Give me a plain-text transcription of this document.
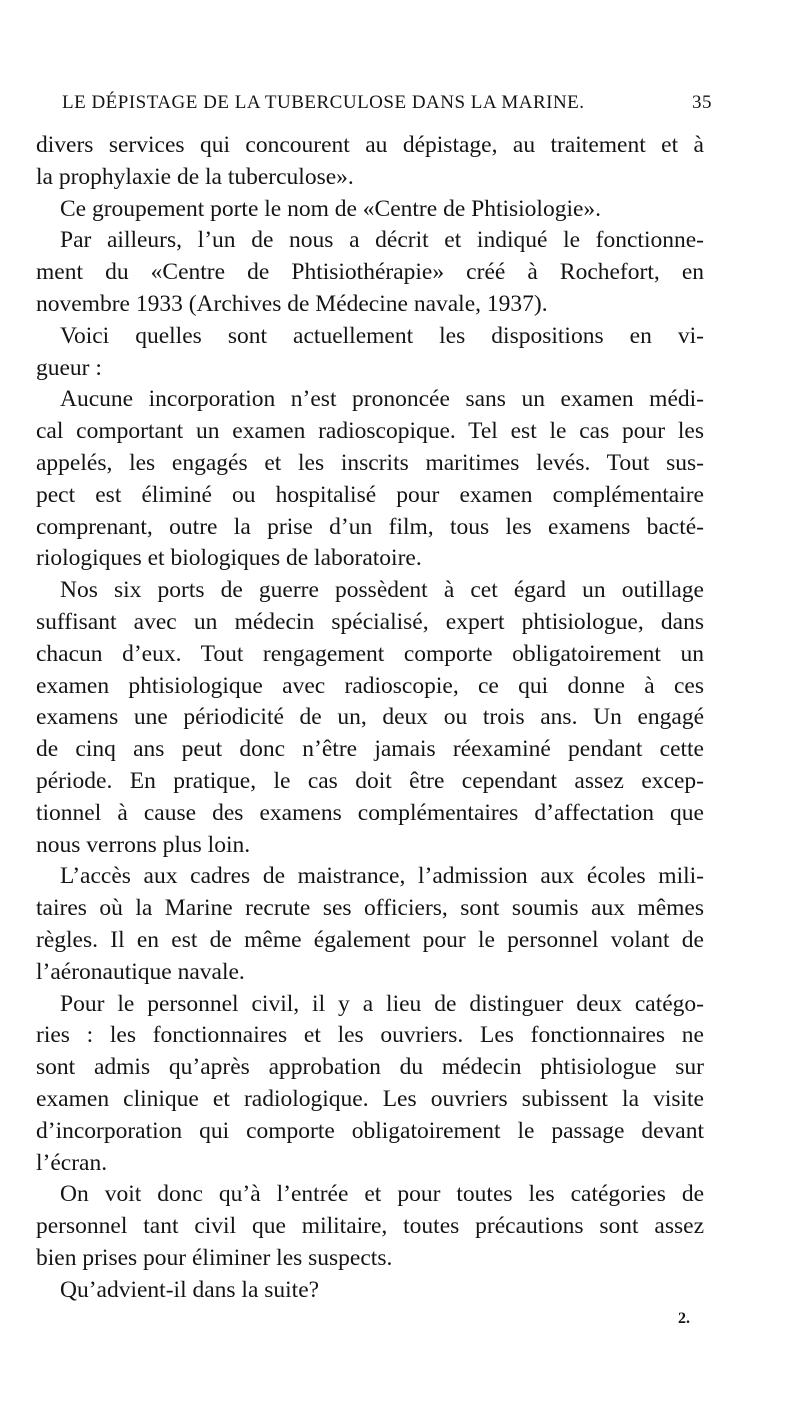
LE DÉPISTAGE DE LA TUBERCULOSE DANS LA MARINE.	35
divers services qui concourent au dépistage, au traitement et à
la prophylaxie de la tuberculose».
Ce groupement porte le nom de «Centre de Phtisiologie».
Par ailleurs, l’un de nous a décrit et indiqué le fonctionne-
ment du «Centre de Phtisiothérapie» créé à Rochefort, en
novembre 1933 (Archives de Médecine navale, 1937).
Voici quelles sont actuellement les dispositions en vi-
gueur :
Aucune incorporation n’est prononcée sans un examen médi-
cal comportant un examen radioscopique. Tel est le cas pour les
appelés, les engagés et les inscrits maritimes levés. Tout sus-
pect est éliminé ou hospitalisé pour examen complémentaire
comprenant, outre la prise d’un film, tous les examens bacté-
riologiques et biologiques de laboratoire.
Nos six ports de guerre possèdent à cet égard un outillage
suffisant avec un médecin spécialisé, expert phtisiologue, dans
chacun d’eux. Tout rengagement comporte obligatoirement un
examen phtisiologique avec radioscopie, ce qui donne à ces
examens une périodicité de un, deux ou trois ans. Un engagé
de cinq ans peut donc n’être jamais réexaminé pendant cette
période. En pratique, le cas doit être cependant assez excep-
tionnel à cause des examens complémentaires d’affectation que
nous verrons plus loin.
L’accès aux cadres de maistrance, l’admission aux écoles mili-
taires où la Marine recrute ses officiers, sont soumis aux mêmes
règles. Il en est de même également pour le personnel volant de
l’aéronautique navale.
Pour le personnel civil, il y a lieu de distinguer deux catégo-
ries : les fonctionnaires et les ouvriers. Les fonctionnaires ne
sont admis qu’après approbation du médecin phtisiologue sur
examen clinique et radiologique. Les ouvriers subissent la visite
d’incorporation qui comporte obligatoirement le passage devant
l’écran.
On voit donc qu’à l’entrée et pour toutes les catégories de
personnel tant civil que militaire, toutes précautions sont assez
bien prises pour éliminer les suspects.
Qu’advient-il dans la suite?
2.
